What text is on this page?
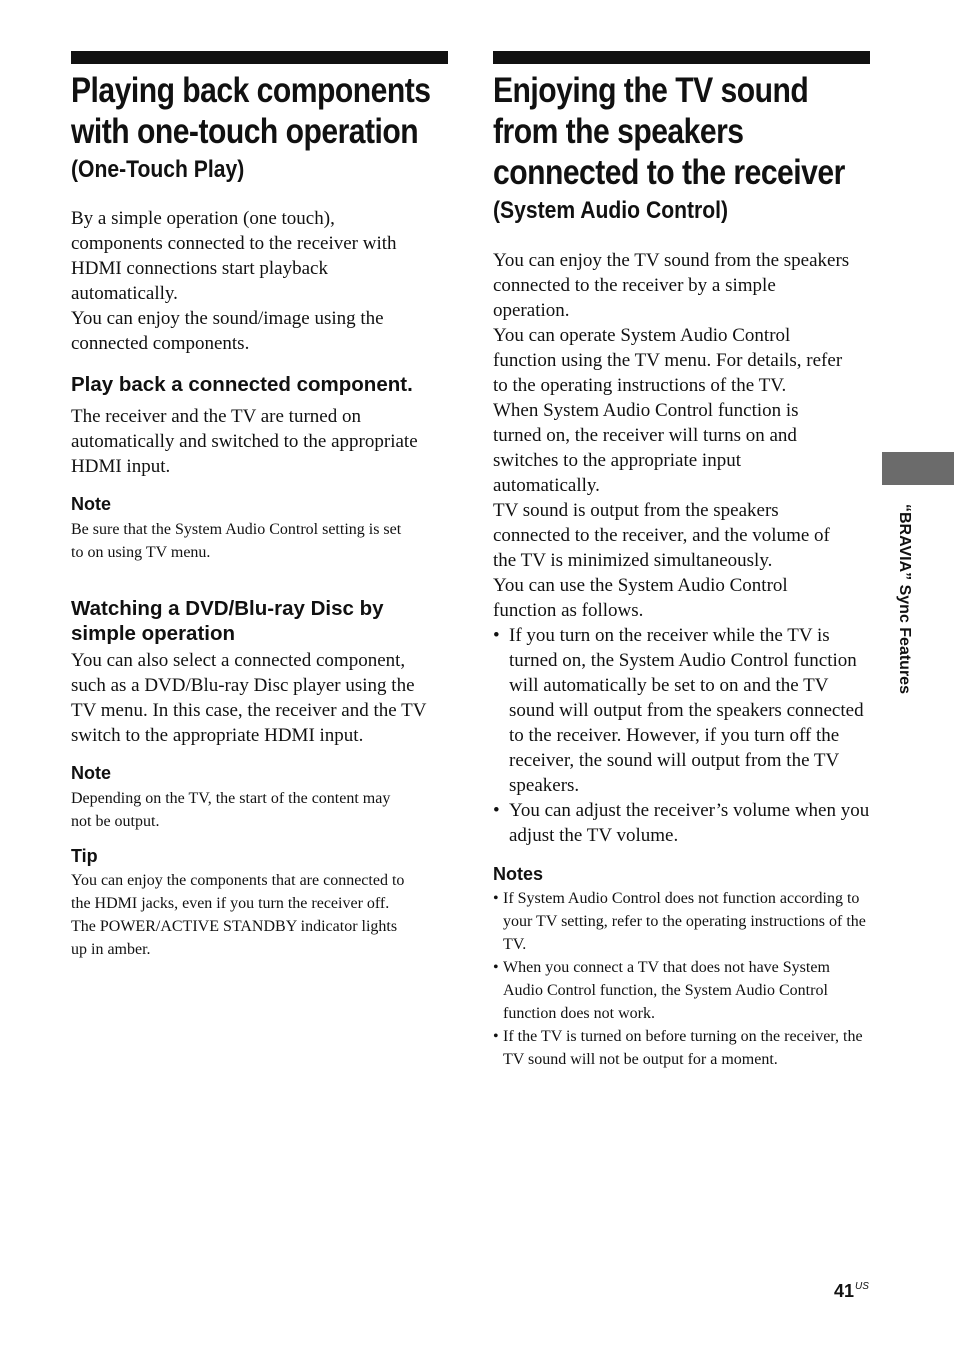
Playing back components
with one-touch operation
(One-Touch Play)

By a simple operation (one touch),
components connected to the receiver with
HDMI connections start playback
automatically.
You can enjoy the sound/image using the
connected components.

Play back a connected component.

The receiver and the TV are turned on
automatically and switched to the appropriate
HDMI input.

Note

Be sure that the System Audio Control setting is set
to on using TV menu.

Watching a DVD/Blu-ray Disc by simple operation

You can also select a connected component,
such as a DVD/Blu-ray Disc player using the
TV menu. In this case, the receiver and the TV
switch to the appropriate HDMI input.

Note

Depending on the TV, the start of the content may
not be output.

Tip

You can enjoy the components that are connected to
the HDMI jacks, even if you turn the receiver off.
The POWER/ACTIVE STANDBY indicator lights
up in amber.

Enjoying the TV sound
from the speakers
connected to the receiver
(System Audio Control)

You can enjoy the TV sound from the speakers
connected to the receiver by a simple
operation.
You can operate System Audio Control
function using the TV menu. For details, refer
to the operating instructions of the TV.
When System Audio Control function is
turned on, the receiver will turns on and
switches to the appropriate input
automatically.
TV sound is output from the speakers
connected to the receiver, and the volume of
the TV is minimized simultaneously.
You can use the System Audio Control
function as follows.

• If you turn on the receiver while the TV is turned on, the System Audio Control function will automatically be set to on and the TV sound will output from the speakers connected to the receiver. However, if you turn off the receiver, the sound will output from the TV speakers.
• You can adjust the receiver’s volume when you adjust the TV volume.
Notes
• If System Audio Control does not function according to your TV setting, refer to the operating instructions of the TV.
• When you connect a TV that does not have System Audio Control function, the System Audio Control function does not work.
• If the TV is turned on before turning on the receiver, the TV sound will not be output for a moment.
“BRAVIA” Sync Features
$41^{US}$
